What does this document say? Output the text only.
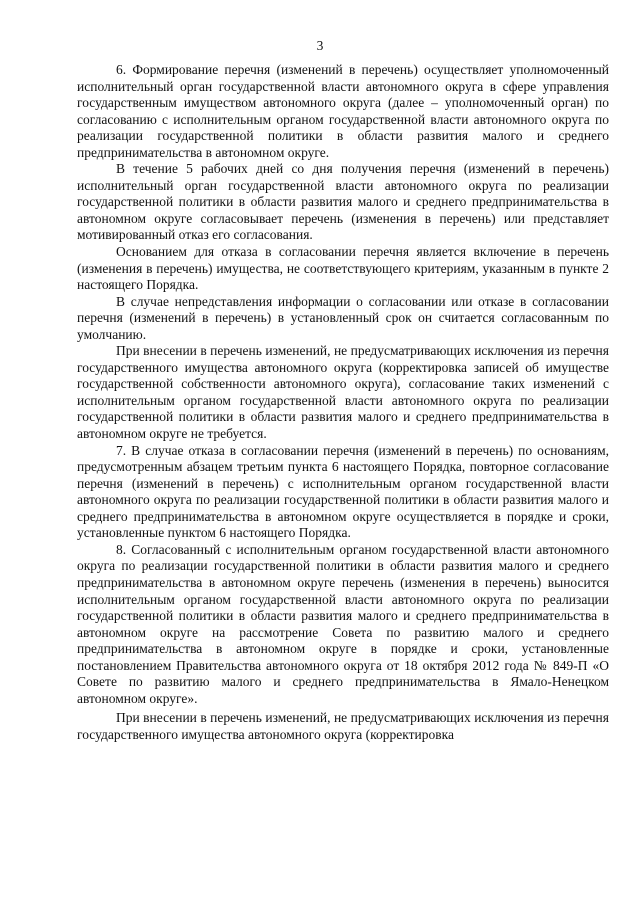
3

6. Формирование перечня (изменений в перечень) осуществляет уполномоченный исполнительный орган государственной власти автономного округа в сфере управления государственным имуществом автономного округа (далее – уполномоченный орган) по согласованию с исполнительным органом государственной власти автономного округа по реализации государственной политики в области развития малого и среднего предпринимательства в автономном округе.

В течение 5 рабочих дней со дня получения перечня (изменений в перечень) исполнительный орган государственной власти автономного округа по реализации государственной политики в области развития малого и среднего предпринимательства в автономном округе согласовывает перечень (изменения в перечень) или представляет мотивированный отказ его согласования.

Основанием для отказа в согласовании перечня является включение в перечень (изменения в перечень) имущества, не соответствующего критериям, указанным в пункте 2 настоящего Порядка.

В случае непредставления информации о согласовании или отказе в согласовании перечня (изменений в перечень) в установленный срок он считается согласованным по умолчанию.

При внесении в перечень изменений, не предусматривающих исключения из перечня государственного имущества автономного округа (корректировка записей об имуществе государственной собственности автономного округа), согласование таких изменений с исполнительным органом государственной власти автономного округа по реализации государственной политики в области развития малого и среднего предпринимательства в автономном округе не требуется.

7. В случае отказа в согласовании перечня (изменений в перечень) по основаниям, предусмотренным абзацем третьим пункта 6 настоящего Порядка, повторное согласование перечня (изменений в перечень) с исполнительным органом государственной власти автономного округа по реализации государственной политики в области развития малого и среднего предпринимательства в автономном округе осуществляется в порядке и сроки, установленные пунктом 6 настоящего Порядка.

8. Согласованный с исполнительным органом государственной власти автономного округа по реализации государственной политики в области развития малого и среднего предпринимательства в автономном округе перечень (изменения в перечень) выносится исполнительным органом государственной власти автономного округа по реализации государственной политики в области развития малого и среднего предпринимательства в автономном округе на рассмотрение Совета по развитию малого и среднего предпринимательства в автономном округе в порядке и сроки, установленные постановлением Правительства автономного округа от 18 октября 2012 года № 849-П «О Совете по развитию малого и среднего предпринимательства в Ямало-Ненецком автономном округе».

При внесении в перечень изменений, не предусматривающих исключения из перечня государственного имущества автономного округа (корректировка
